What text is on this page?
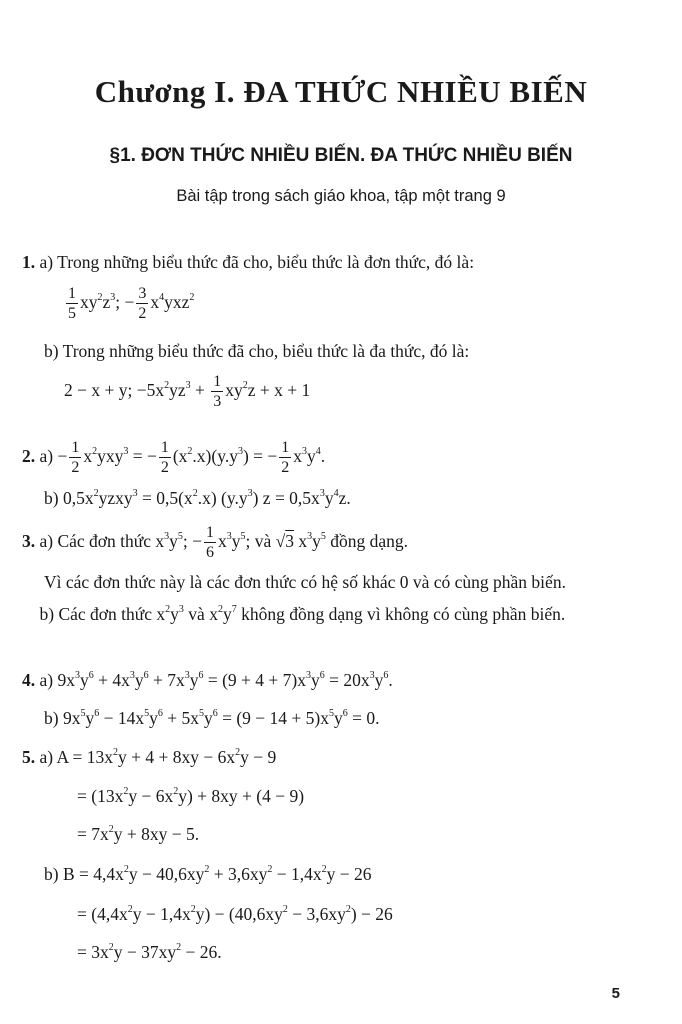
Chương I. ĐA THỨC NHIỀU BIẾN
§1. ĐƠN THỨC NHIỀU BIẾN. ĐA THỨC NHIỀU BIẾN
Bài tập trong sách giáo khoa, tập một trang 9
1. a) Trong những biểu thức đã cho, biểu thức là đơn thức, đó là:
$\frac{1}{5} xy^2z^3$; − $\frac{3}{2} x^4yxz^2$
b) Trong những biểu thức đã cho, biểu thức là đa thức, đó là:
2 − x + y; $-5x^2yz^3 + \frac{1}{3} xy^2z + x + 1$
2. $a) - \frac{1}{2} x^2yxy^3$ = − $\frac{1}{2} (x^2.x)(y.y^3)$ = − $\frac{1}{2} x^3y^4$.
b) $0,5x^2yzxy^3 = 0,5(x^2.x)$ $(y.y^3) z = 0,5x^3y^4z$.
3. a) Các đơn thức $x^3y^5$; − $\frac{1}{6} x^3y^5$; và √3 $x^3y^5$ đồng dạng.
Vì các đơn thức này là các đơn thức có hệ số khác 0 và có cùng phần biến.
b) Các đơn thức $x^2y^3$ và $x^2y^7$ không đồng dạng vì không có cùng phần biến.
4. a) $9x^3y^6 + 4x^3y^6 + 7x^3y^6 = (9 + 4 + 7)x^3y^6 = 20x^3y^6$.
b) $9x^5y^6 - 14x^5y^6 + 5x^5y^6 = (9 - 14 + 5)x^5y^6 = 0$.
5. a) $A = 13x^2y + 4 + 8xy - 6x^2y - 9$
= $(13x^2y - 6x^2y) + 8xy + (4 - 9)$
= $7x^2y + 8xy - 5$.
b) $B = 4,4x^2y - 40,6xy^2 + 3,6xy^2 - 1,4x^2y - 26$
= $(4,4x^2y - 1,4x^2y) - (40,6xy^2 - 3,6xy^2) - 26$
= $3x^2y - 37xy^2 - 26$.
5
